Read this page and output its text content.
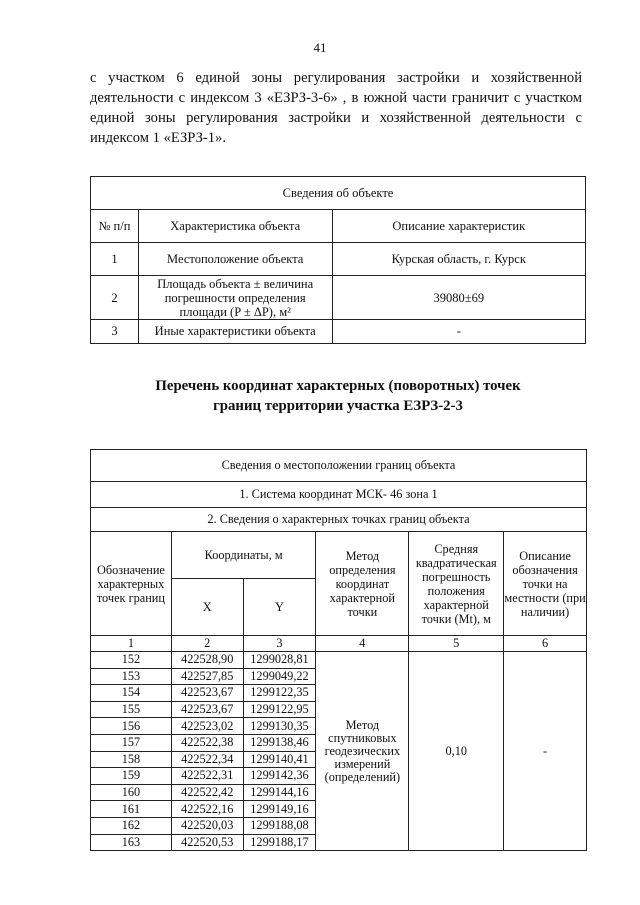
41

с участком 6 единой зоны регулирования застройки и хозяйственной деятельности с индексом 3 «ЕЗРЗ-3-6» , в южной части граничит с участком единой зоны регулирования застройки и хозяйственной деятельности с индексом 1 «ЕЗРЗ-1».

Сведения об объекте		
№ п/п	Характеристика объекта	Описание характеристик
1	Местоположение объекта	Курская область, г. Курск
2	Площадь объекта ± величина погрешности определения площади (P ± ΔP), м²	39080±69
3	Иные характеристики объекта	-
Перечень координат характерных (поворотных) точек
границ территории участка ЕЗРЗ-2-3
Сведения о местоположении границ объекта					
1. Система координат МСК- 46 зона 1					
2. Сведения о характерных точках границ объекта					
Обозначение характерных точек границ	Координаты, м		Метод определения координат характерной точки	Средняя квадратическая погрешность положения характерной точки (Mt), м	Описание обозначения точки на местности (при наличии)
	X	Y			
1	2	3	4	5	6
152	422528,90	1299028,81	Метод спутниковых геодезических измерений (определений)	0,10	-
153	422527,85	1299049,22			
154	422523,67	1299122,35			
155	422523,67	1299122,95			
156	422523,02	1299130,35			
157	422522,38	1299138,46			
158	422522,34	1299140,41			
159	422522,31	1299142,36			
160	422522,42	1299144,16			
161	422522,16	1299149,16			
162	422520,03	1299188,08			
163	422520,53	1299188,17			
